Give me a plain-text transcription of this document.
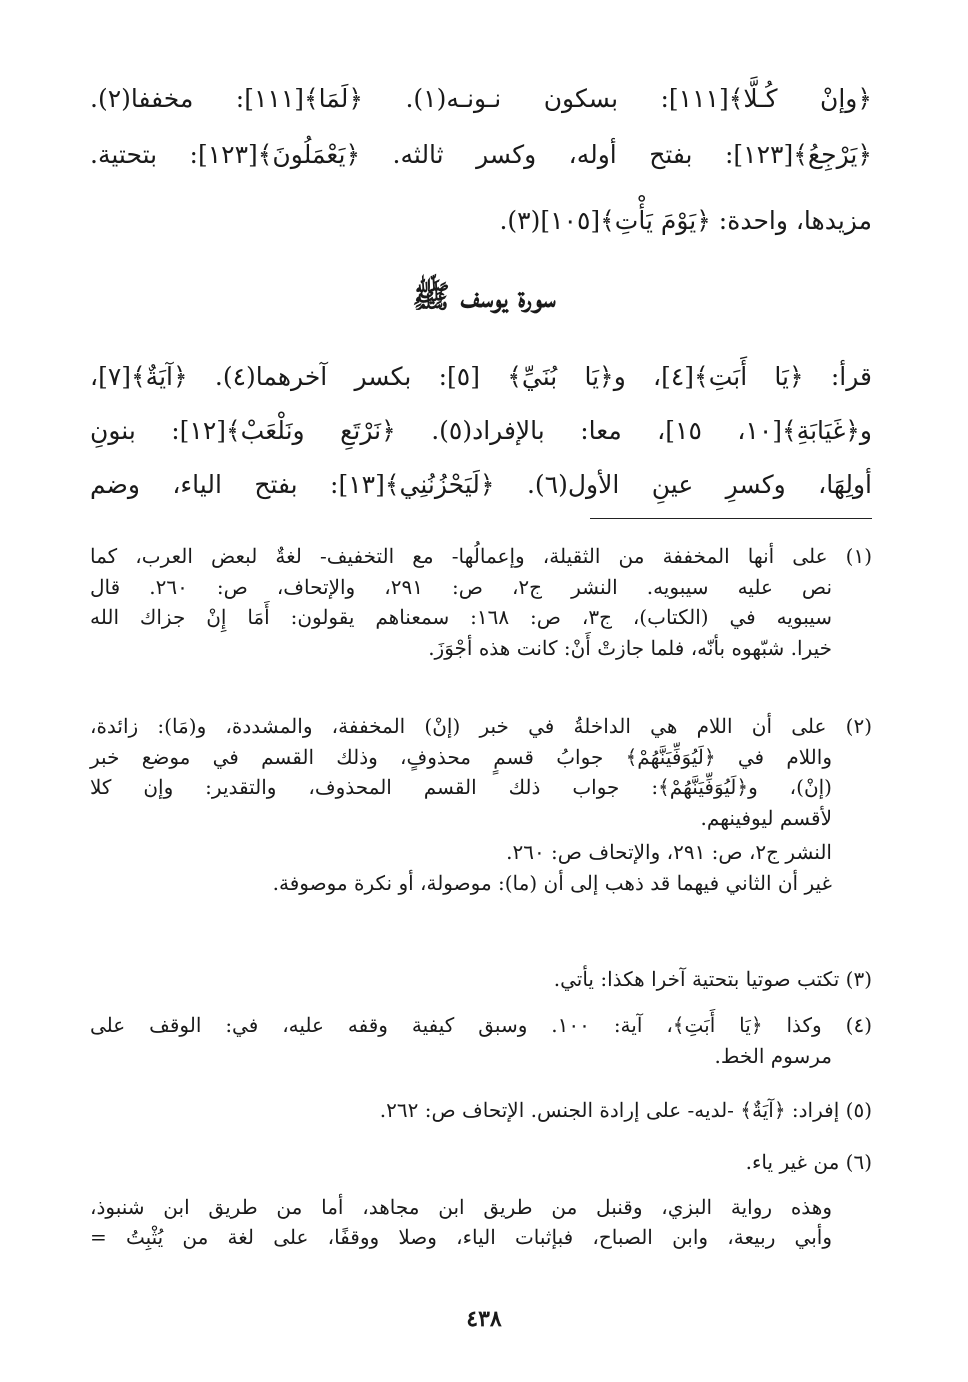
﴿وإنْ كُـلَّا﴾[١١١]: بسكون نـونـه(١). ﴿لَمَا﴾[١١١]: مخففا(٢).
﴿يَرْجِعُ﴾[١٢٣]: بفتح أوله، وكسر ثالثه. ﴿يَعْمَلُونَ﴾[١٢٣]: بتحتية.
مزيدها، واحدة: ﴿يَوْمَ يَأْتِ﴾[١٠٥](٣).
سورة يوسف ﷺ
قرأ: ﴿يَا أَبَتِ﴾[٤]، و﴿يَا بُنَيِّ﴾ [٥]: بكسر آخرهما(٤). ﴿آيَةٌ﴾[٧]،
و﴿غَيَابَةِ﴾[١٠، ١٥]، معا: بالإفراد(٥). ﴿نَرْتَعِ ونَلْعَبْ﴾[١٢]: بنونِ
أولِهَا، وكسرِ عينِ الأول(٦). ﴿لَيَحْزُنُنِي﴾[١٣]: بفتح الياء، وضم
(١) على أنها المخففة من الثقيلة، وإعمالُها- مع التخفيف- لغةٌ لبعض العرب، كما
نص عليه سيبويه. النشر ج٢، ص: ٢٩١، والإتحاف، ص: ٢٦٠. قال
سيبويه في (الكتاب)، ج٣، ص: ١٦٨: سمعناهم يقولون: أَمَا إِنْ جزاك الله
خيرا. شبّهوه بأنّه، فلما جازتْ أَنْ: كانت هذه أجْوَزَ.
(٢) على أن اللام هي الداخلةُ في خبر (إنْ) المخففة، والمشددة، و(مَا): زائدة،
واللام في ﴿لَيُوَفِّيَنَّهُمْ﴾ جوابُ قسمٍ محذوفٍ، وذلك القسم في موضع خبر
(إنْ)، و﴿لَيُوَفِّيَنَّهُمْ﴾: جواب ذلك القسم المحذوف، والتقدير: وإن كلا
لأقسم ليوفينهم.
النشر ج٢، ص: ٢٩١، والإتحاف ص: ٢٦٠.
غير أن الثاني فيهما قد ذهب إلى أن (ما): موصولة، أو نكرة موصوفة.
(٣) تكتب صوتيا بتحتية آخرا هكذا: يأتي.
(٤) وكذا ﴿يَا أَبَتِ﴾، آية: ١٠٠. وسبق كيفية وقفه عليه، في: الوقف على
مرسوم الخط.
(٥) إفراد: ﴿آيَةٌ﴾ -لديه- على إرادة الجنس. الإتحاف ص: ٢٦٢.
(٦) من غير ياء.
وهذه رواية البزي، وقنبل من طريق ابن مجاهد، أما من طريق ابن شنبوذ،
وأبي ربيعة، وابن الصباح، فبإثبات الياء، وصلا ووقفًا، على لغة من يُثْبِتُ =
٤٣٨
